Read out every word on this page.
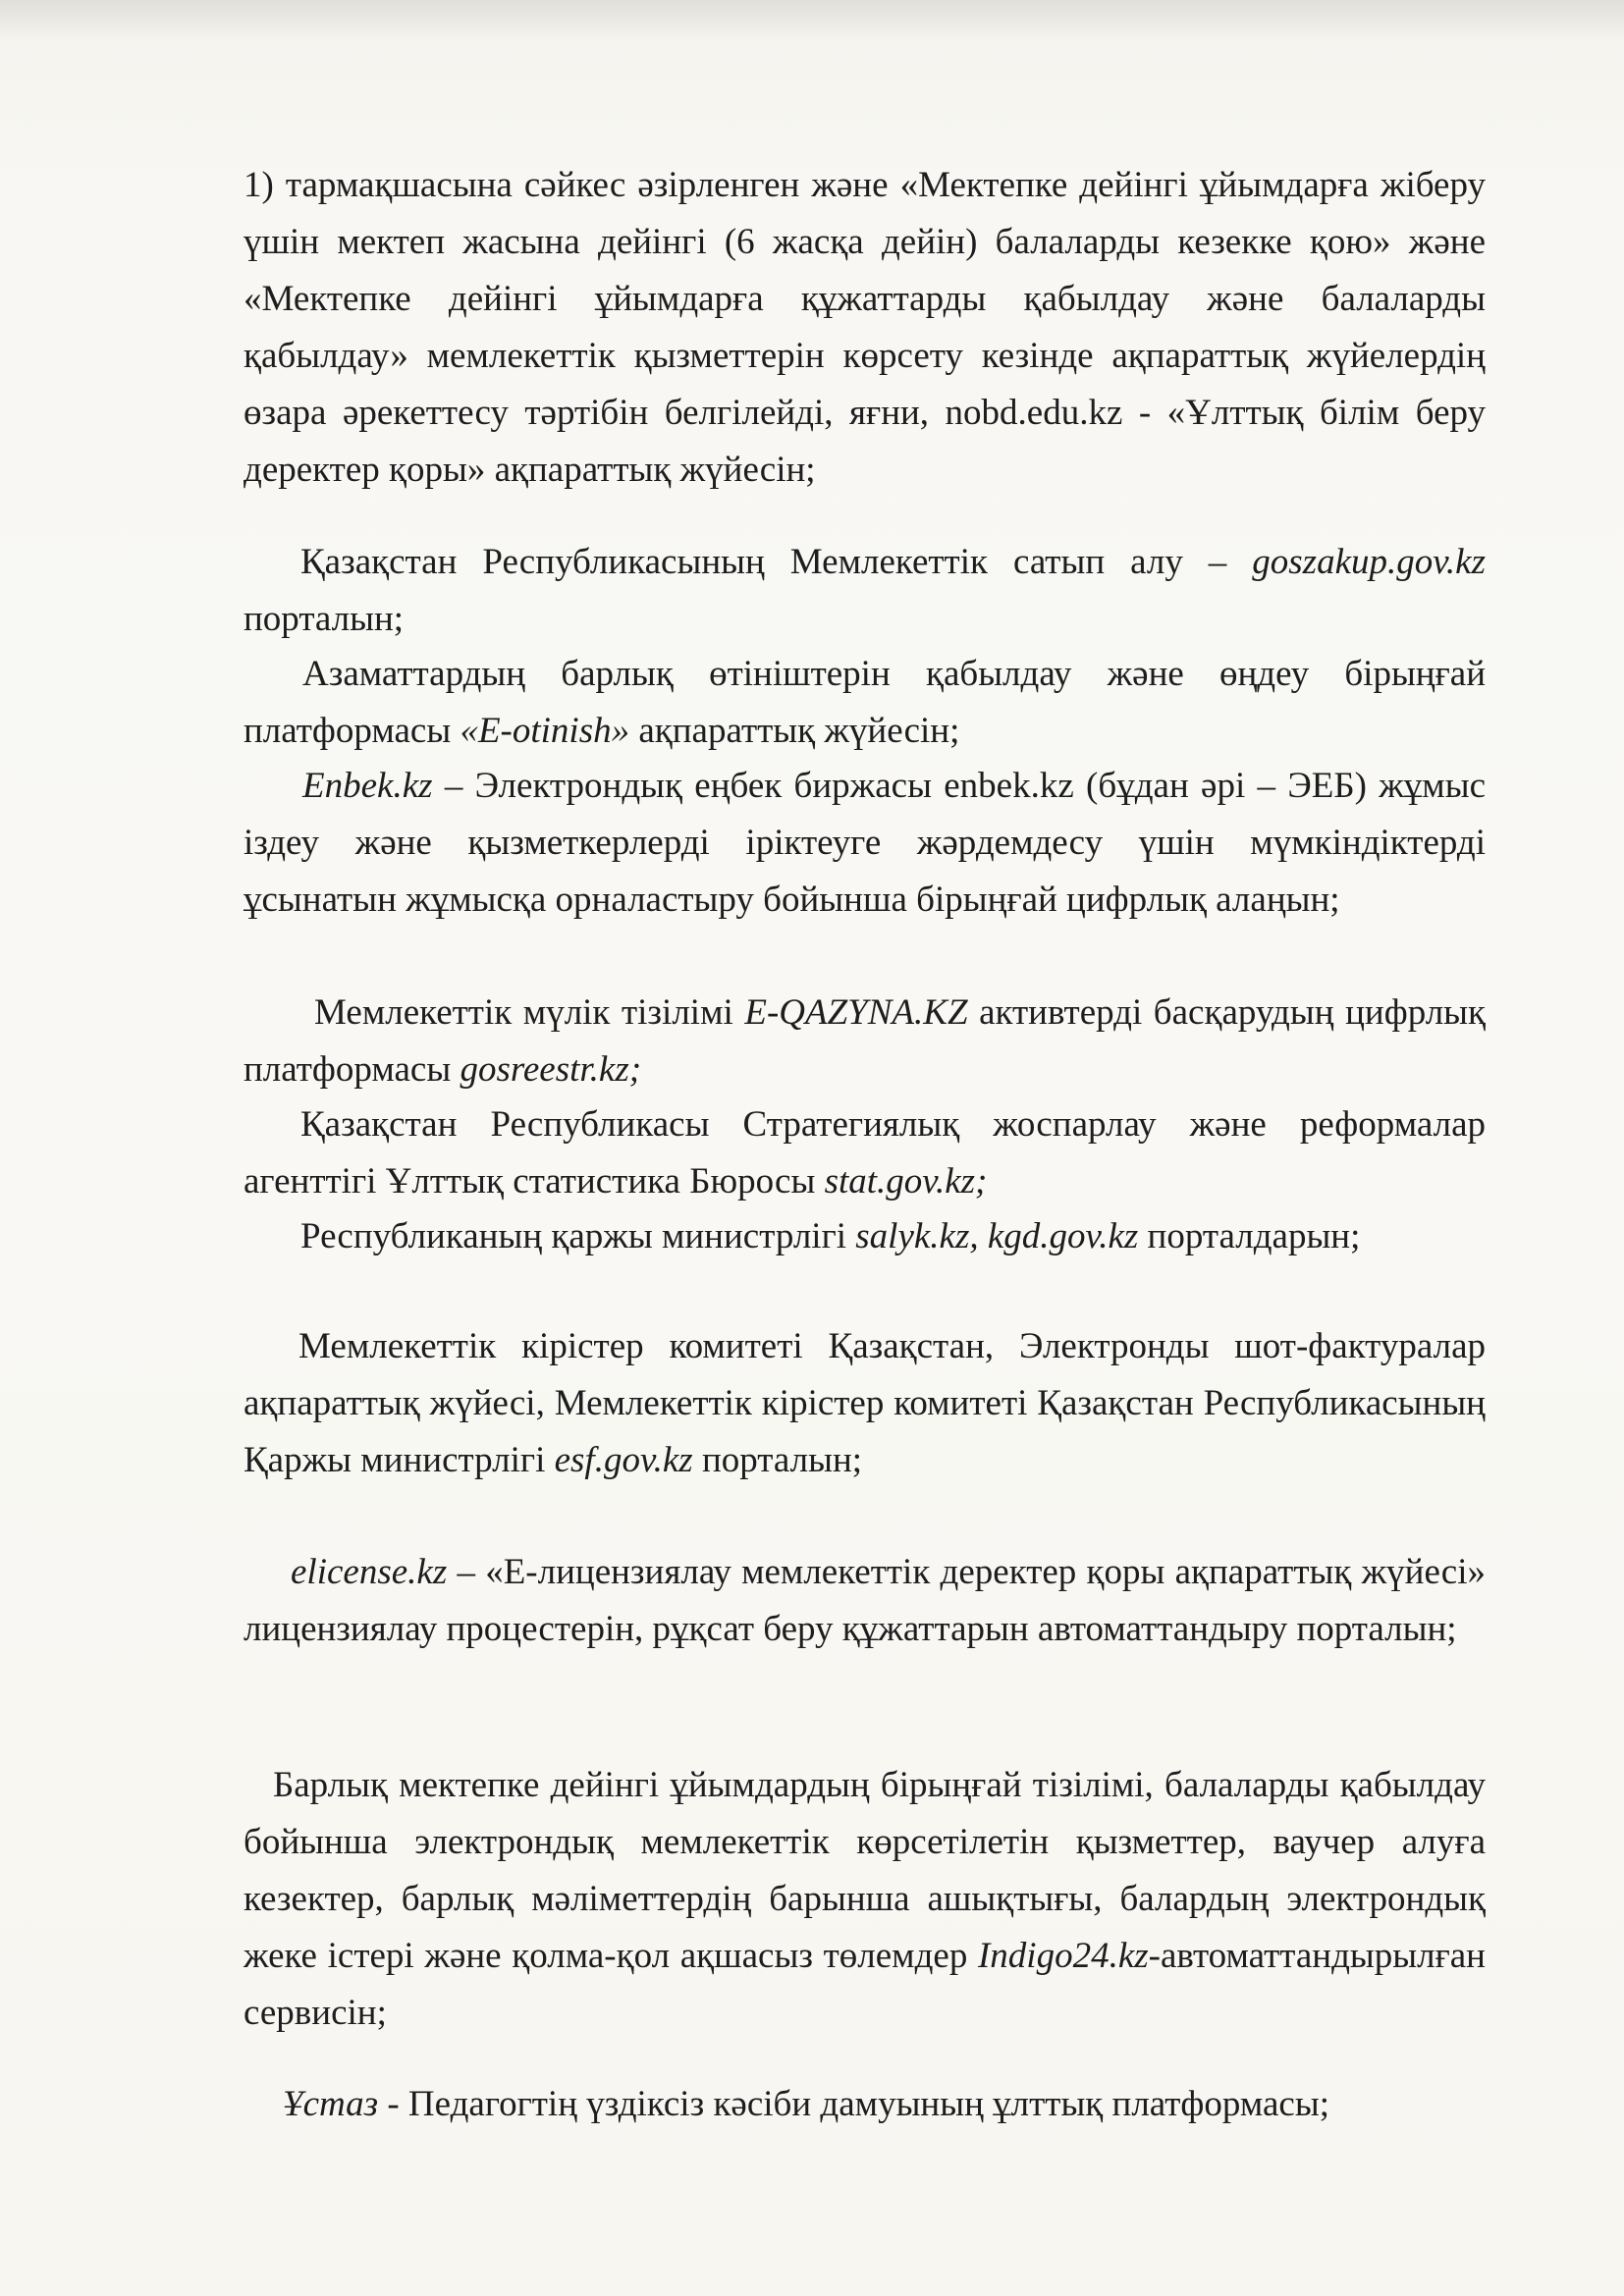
1) тармақшасына сәйкес әзірленген және «Мектепке дейінгі ұйымдарға жіберу үшін мектеп жасына дейінгі (6 жасқа дейін) балаларды кезекке қою» және «Мектепке дейінгі ұйымдарға құжаттарды қабылдау және балаларды қабылдау» мемлекеттік қызметтерін көрсету кезінде ақпараттық жүйелердің өзара әрекеттесу тәртібін белгілейді, яғни, nobd.edu.kz - «Ұлттық білім беру деректер қоры» ақпараттық жүйесін;

Қазақстан Республикасының Мемлекеттік сатып алу – goszakup.gov.kz порталын;

Азаматтардың барлық өтініштерін қабылдау және өңдеу бірыңғай платформасы «E-otinish» ақпараттық жүйесін;

Enbek.kz – Электрондық еңбек биржасы enbek.kz (бұдан әрі – ЭЕБ) жұмыс іздеу және қызметкерлерді іріктеуге жәрдемдесу үшін мүмкіндіктерді ұсынатын жұмысқа орналастыру бойынша бірыңғай цифрлық алаңын;

Мемлекеттік мүлік тізілімі E-QAZYNA.KZ активтерді басқарудың цифрлық платформасы gosreestr.kz;

Қазақстан Республикасы Стратегиялық жоспарлау және реформалар агенттігі Ұлттық статистика Бюросы stat.gov.kz;

Республиканың қаржы министрлігі salyk.kz, kgd.gov.kz порталдарын;

Мемлекеттік кірістер комитеті Қазақстан, Электронды шот-фактуралар ақпараттық жүйесі, Мемлекеттік кірістер комитеті Қазақстан Республикасының Қаржы министрлігі esf.gov.kz порталын;

elicense.kz – «Е-лицензиялау мемлекеттік деректер қоры ақпараттық жүйесі» лицензиялау процестерін, рұқсат беру құжаттарын автоматтандыру порталын;

Барлық мектепке дейінгі ұйымдардың бірыңғай тізілімі, балаларды қабылдау бойынша электрондық мемлекеттік көрсетілетін қызметтер, ваучер алуға кезектер, барлық мәліметтердің барынша ашықтығы, балардың электрондық жеке істері және қолма-қол ақшасыз төлемдер Indigo24.kz-автоматтандырылған сервисін;

Ұстаз - Педагогтің үздіксіз кәсіби дамуының ұлттық платформасы;
